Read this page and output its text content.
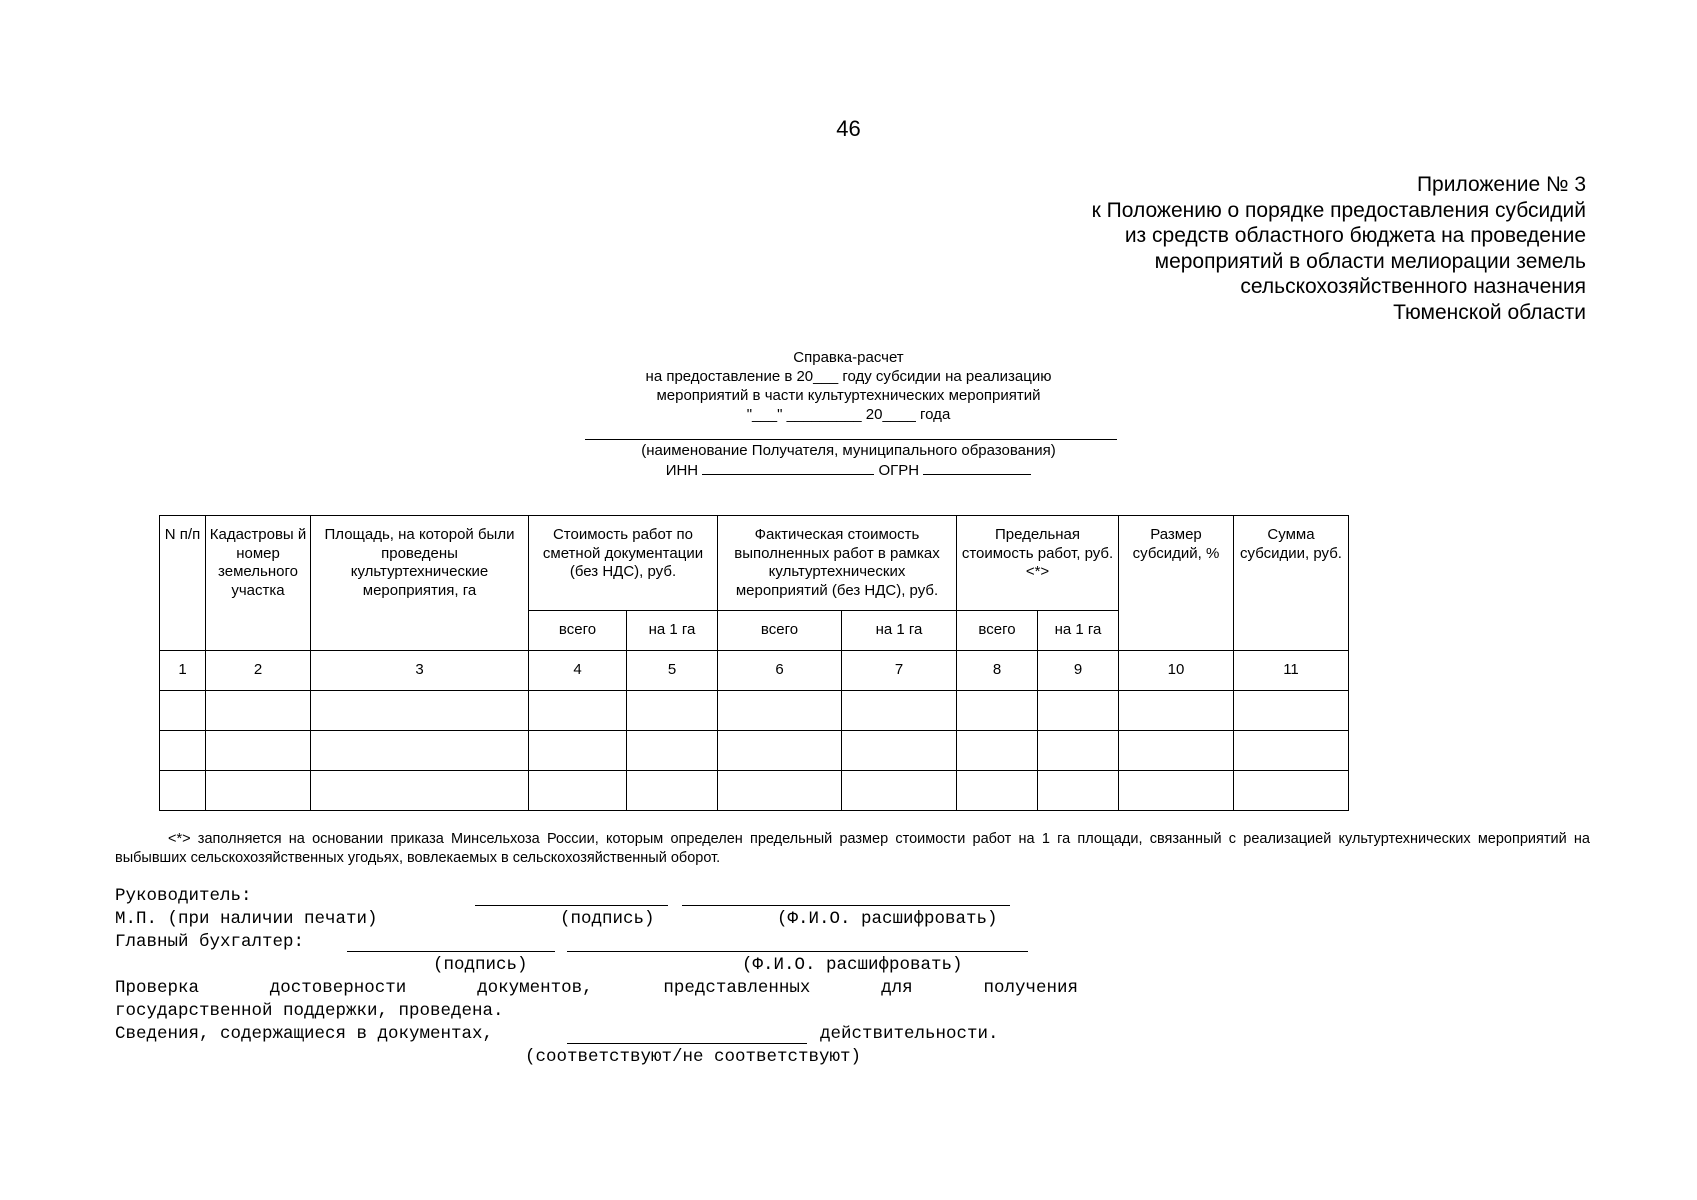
46
Приложение № 3
к Положению о порядке предоставления субсидий
из средств областного бюджета на проведение
мероприятий в области мелиорации земель
сельскохозяйственного назначения
Тюменской области
Справка-расчет
на предоставление в 20___ году субсидии на реализацию
мероприятий в части культуртехнических мероприятий
"___" _________ 20____ года
(наименование Получателя, муниципального образования)
ИНН	ОГРН
N п/п	Кадастровы й номер земельного участка	Площадь, на которой были проведены культуртехнические мероприятия, га	Стоимость работ по сметной документации (без НДС), руб.		Фактическая стоимость выполненных работ в рамках культуртехнических мероприятий (без НДС), руб.		Предельная стоимость работ, руб. <*>		Размер субсидий, %	Сумма субсидии, руб.
			всего	на 1 га	всего	на 1 га	всего	на 1 га		
1	2	3	4	5	6	7	8	9	10	11

<*> заполняется на основании приказа Минсельхоза России, которым определен предельный размер стоимости работ на 1 га площади, связанный с реализацией культуртехнических мероприятий на выбывших сельскохозяйственных угодьях, вовлекаемых в сельскохозяйственный оборот.

Руководитель:

М.П. (при наличии печати)

	(подпись)

	(Ф.И.О. расшифровать)

Главный бухгалтер:

(подпись)

	(Ф.И.О. расшифровать)

Проверка	достоверности	документов,	представленных	для	получения

государственной поддержки, проведена.

Сведения, содержащиеся в документах,

	действительности.

(соответствуют/не соответствуют)
